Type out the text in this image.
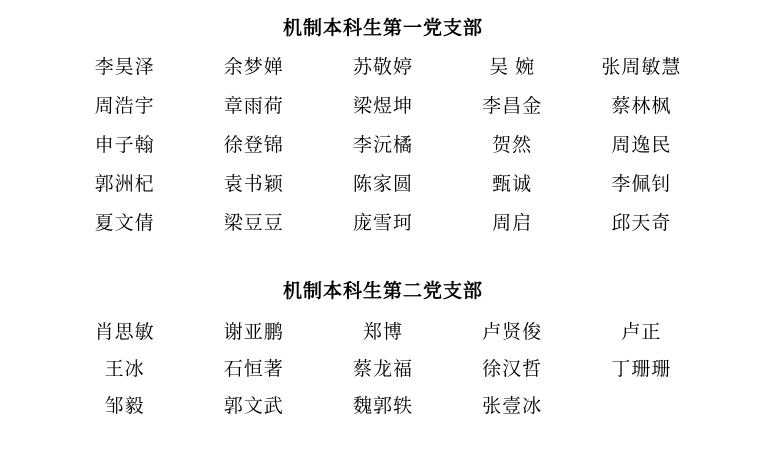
机制本科生第一党支部
李昊泽	余梦婵	苏敬婷	吴 婉	张周敏慧
周浩宇	章雨荷	梁煜坤	李昌金	蔡林枫
申子翰	徐登锦	李沅橘	贺然	周逸民
郭洲杞	袁书颖	陈家圆	甄诚	李佩钊
夏文倩	梁豆豆	庞雪珂	周启	邱天奇
机制本科生第二党支部
肖思敏	谢亚鹏	郑博	卢贤俊	卢正
王冰	石恒著	蔡龙福	徐汉哲	丁珊珊
邹毅	郭文武	魏郭轶	张壹冰	
